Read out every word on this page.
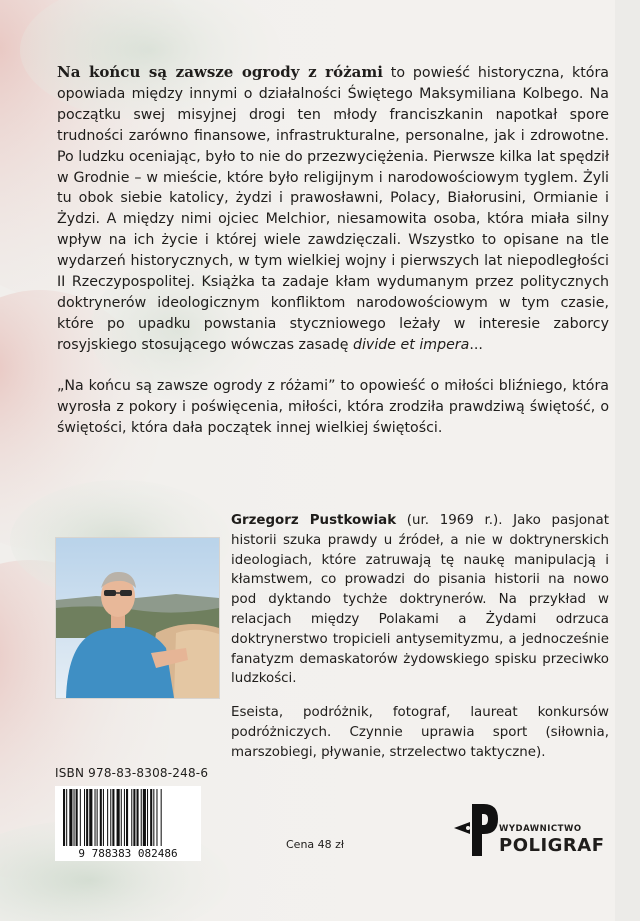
Na końcu są zawsze ogrody z różami to powieść historyczna, która opowiada między innymi o działalności Świętego Maksymiliana Kolbego. Na początku swej misyjnej drogi ten młody franciszkanin napotkał spore trudności zarówno finansowe, infrastrukturalne, personalne, jak i zdrowotne. Po ludzku oceniając, było to nie do przezwyciężenia. Pierwsze kilka lat spędził w Grodnie – w mieście, które było religijnym i narodowościowym tyglem. Żyli tu obok siebie katolicy, żydzi i prawosławni, Polacy, Białorusini, Ormianie i Żydzi. A między nimi ojciec Melchior, niesamowita osoba, która miała silny wpływ na ich życie i której wiele zawdzięczali. Wszystko to opisane na tle wydarzeń historycznych, w tym wielkiej wojny i pierwszych lat niepodległości II Rzeczypospolitej. Książka ta zadaje kłam wydumanym przez politycznych doktrynerów ideologicznym konfliktom narodowościowym w tym czasie, które po upadku powstania styczniowego leżały w interesie zaborcy rosyjskiego stosującego wówczas zasadę divide et impera...

„Na końcu są zawsze ogrody z różami” to opowieść o miłości bliźniego, która wyrosła z pokory i poświęcenia, miłości, która zrodziła prawdziwą świętość, o świętości, która dała początek innej wielkiej świętości.

Grzegorz Pustkowiak (ur. 1969 r.). Jako pasjonat historii szuka prawdy u źródeł, a nie w doktrynerskich ideologiach, które zatruwają tę naukę manipulacją i kłamstwem, co prowadzi do pisania historii na nowo pod dyktando tychże doktrynerów. Na przykład w relacjach między Polakami a Żydami odrzuca doktrynerstwo tropicieli antysemityzmu, a jednocześnie fanatyzm demaskatorów żydowskiego spisku przeciwko ludzkości.

Eseista, podróżnik, fotograf, laureat konkursów podróżniczych. Czynnie uprawia sport (siłownia, marszobiegi, pływanie, strzelectwo taktyczne).

ISBN 978-83-8308-248-6
9 788383 082486
Cena 48 zł
WYDAWNICTWO
POLIGRAF
